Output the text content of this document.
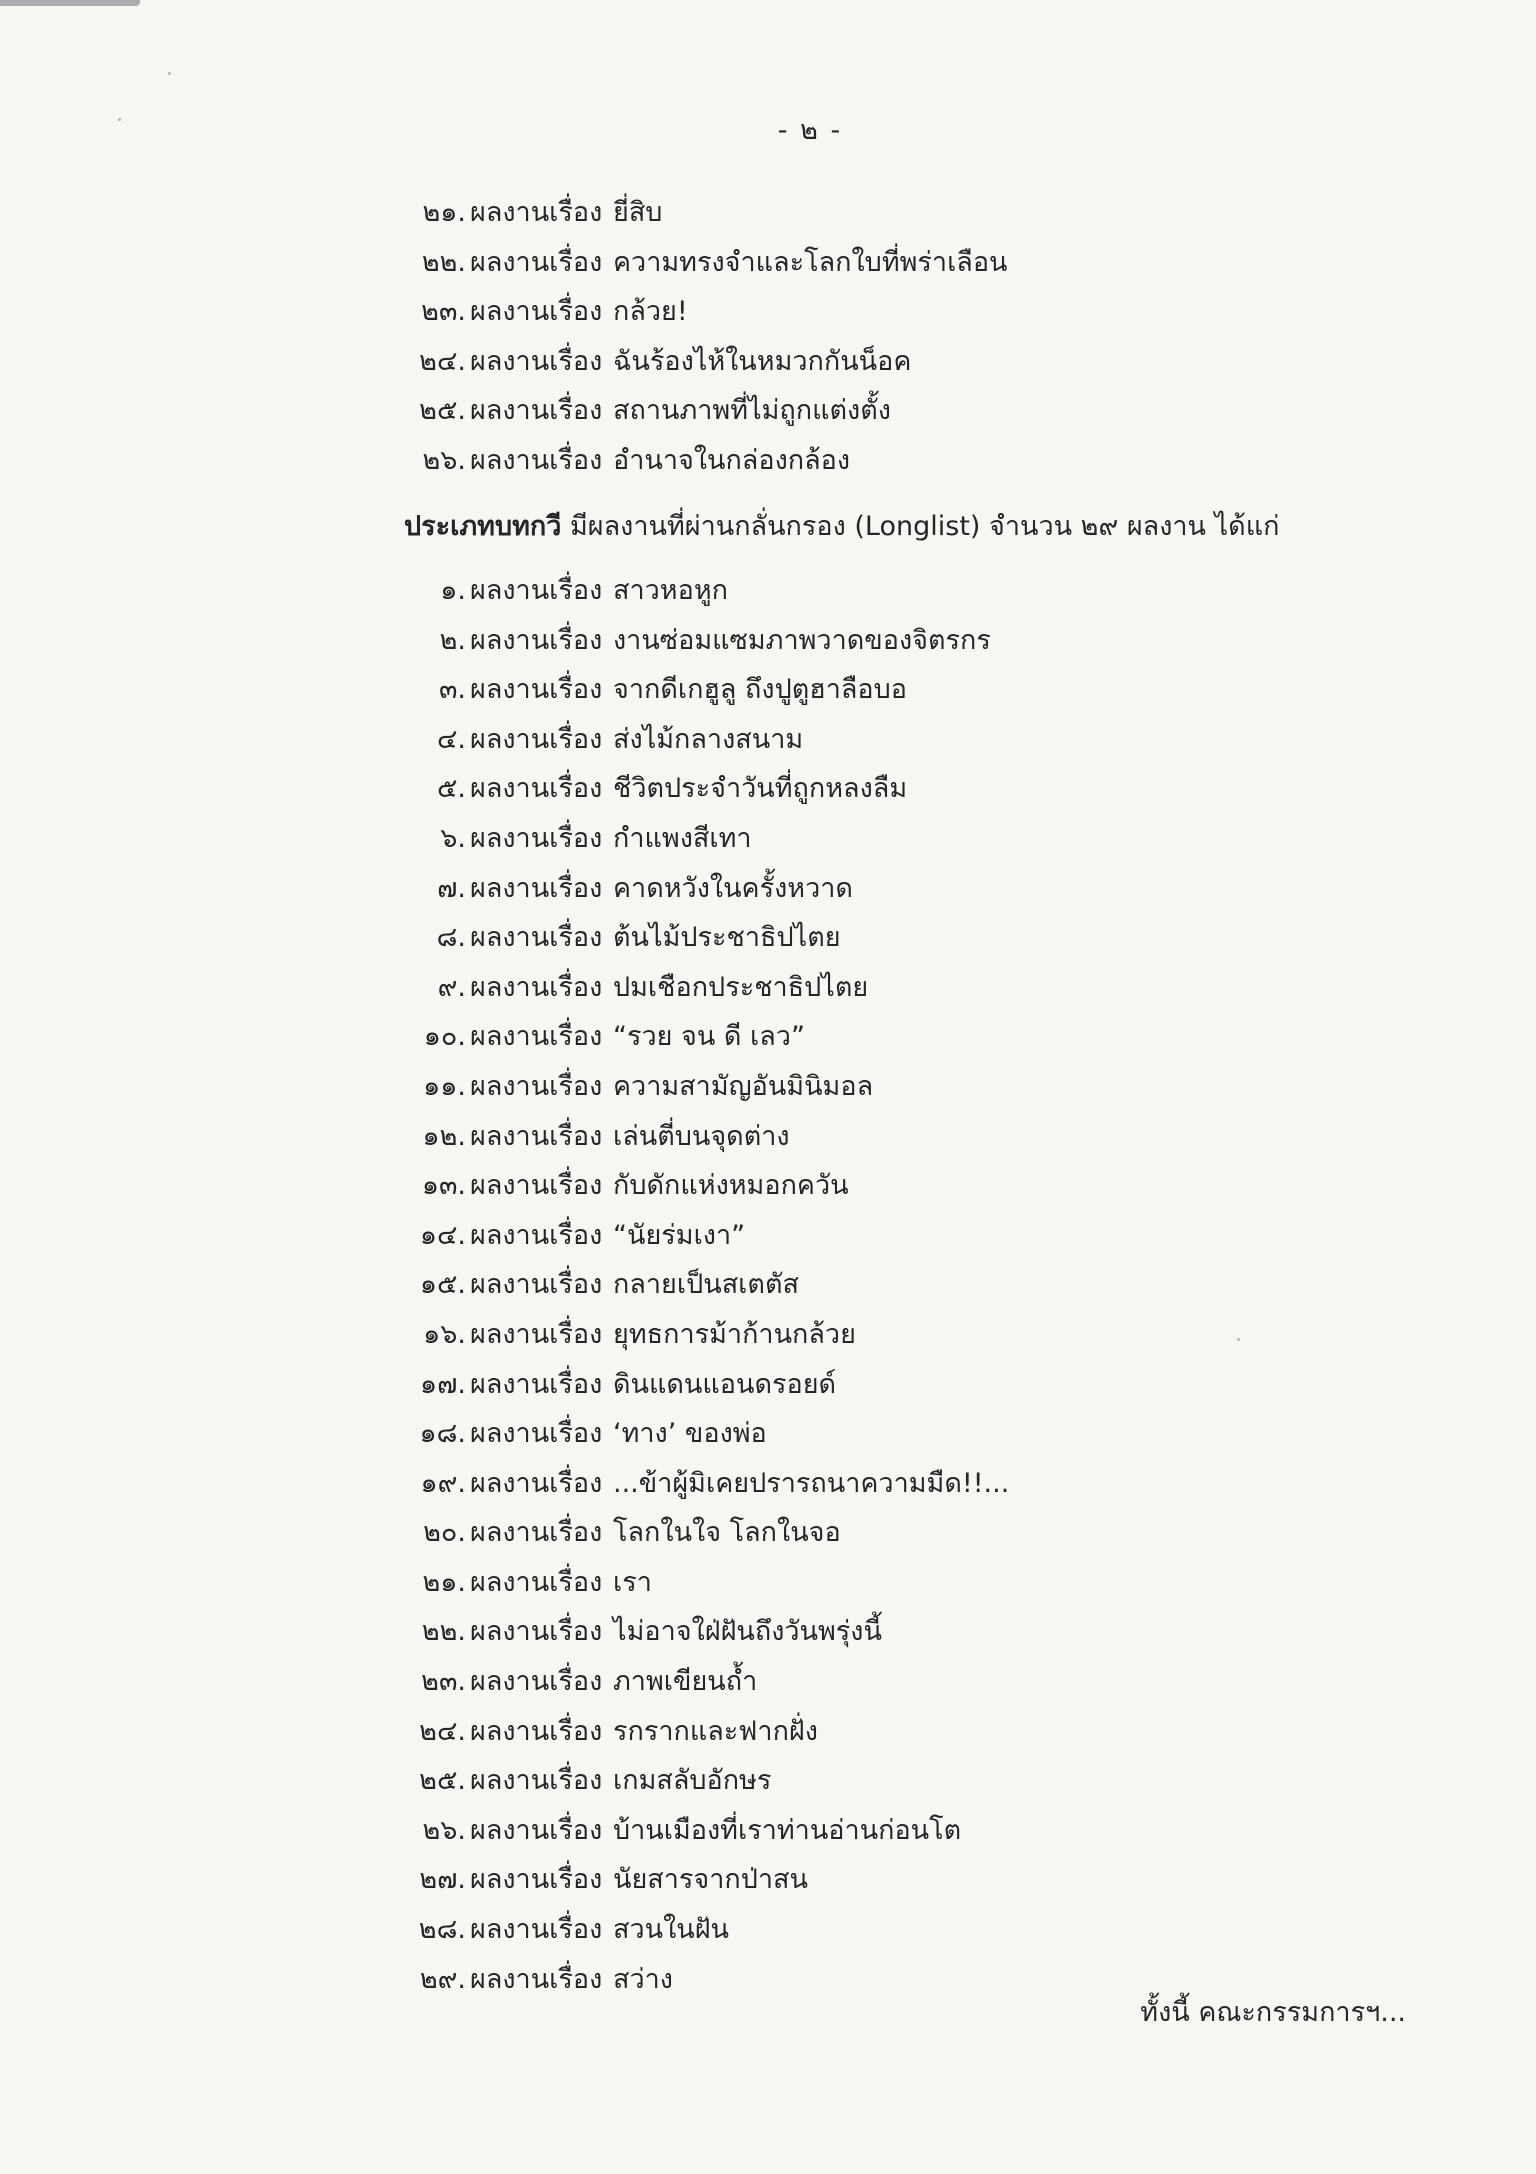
- ๒ -
๒๑. ผลงานเรื่อง ยี่สิบ
๒๒. ผลงานเรื่อง ความทรงจำและโลกใบที่พร่าเลือน
๒๓. ผลงานเรื่อง กล้วย!
๒๔. ผลงานเรื่อง ฉันร้องไห้ในหมวกกันน็อค
๒๕. ผลงานเรื่อง สถานภาพที่ไม่ถูกแต่งตั้ง
๒๖. ผลงานเรื่อง อำนาจในกล่องกล้อง
ประเภทบทกวี มีผลงานที่ผ่านกลั่นกรอง (Longlist) จำนวน ๒๙ ผลงาน ได้แก่
๑. ผลงานเรื่อง สาวหอหูก
๒. ผลงานเรื่อง งานซ่อมแซมภาพวาดของจิตรกร
๓. ผลงานเรื่อง จากดีเกฮูลู ถึงปูตูฮาลือบอ
๔. ผลงานเรื่อง ส่งไม้กลางสนาม
๕. ผลงานเรื่อง ชีวิตประจำวันที่ถูกหลงลืม
๖. ผลงานเรื่อง กำแพงสีเทา
๗. ผลงานเรื่อง คาดหวังในครั้งหวาด
๘. ผลงานเรื่อง ต้นไม้ประชาธิปไตย
๙. ผลงานเรื่อง ปมเชือกประชาธิปไตย
๑๐. ผลงานเรื่อง “รวย จน ดี เลว”
๑๑. ผลงานเรื่อง ความสามัญอันมินิมอล
๑๒. ผลงานเรื่อง เล่นตี่บนจุดต่าง
๑๓. ผลงานเรื่อง กับดักแห่งหมอกควัน
๑๔. ผลงานเรื่อง “นัยร่มเงา”
๑๕. ผลงานเรื่อง กลายเป็นสเตตัส
๑๖. ผลงานเรื่อง ยุทธการม้าก้านกล้วย
๑๗. ผลงานเรื่อง ดินแดนแอนดรอยด์
๑๘. ผลงานเรื่อง ‘ทาง’ ของพ่อ
๑๙. ผลงานเรื่อง ...ข้าผู้มิเคยปรารถนาความมืด!!...
๒๐. ผลงานเรื่อง โลกในใจ โลกในจอ
๒๑. ผลงานเรื่อง เรา
๒๒. ผลงานเรื่อง ไม่อาจใฝ่ฝันถึงวันพรุ่งนี้
๒๓. ผลงานเรื่อง ภาพเขียนถ้ำ
๒๔. ผลงานเรื่อง รกรากและฟากฝั่ง
๒๕. ผลงานเรื่อง เกมสลับอักษร
๒๖. ผลงานเรื่อง บ้านเมืองที่เราท่านอ่านก่อนโต
๒๗. ผลงานเรื่อง นัยสารจากป่าสน
๒๘. ผลงานเรื่อง สวนในฝัน
๒๙. ผลงานเรื่อง สว่าง
ทั้งนี้ คณะกรรมการฯ...
